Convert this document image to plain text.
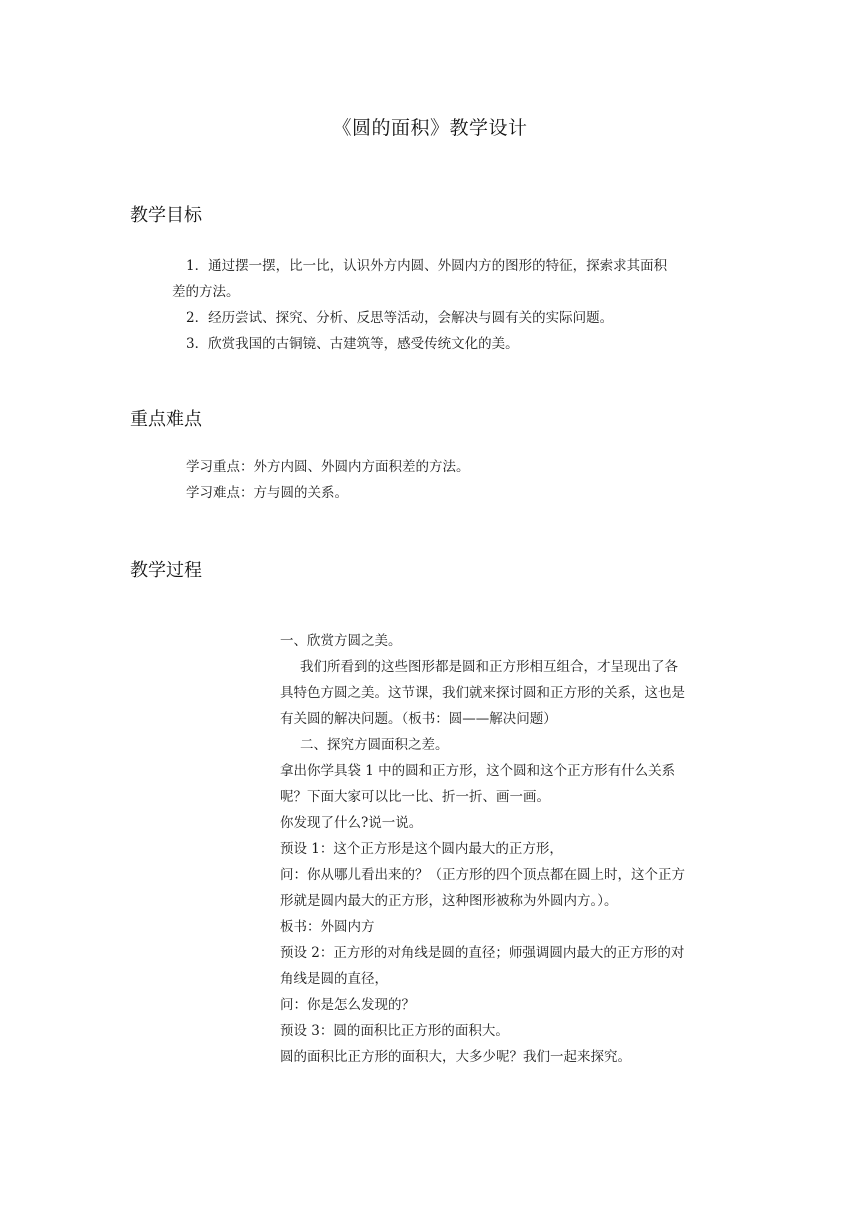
《圆的面积》教学设计
教学目标

1．通过摆一摆，比一比，认识外方内圆、外圆内方的图形的特征，探索求其面积

差的方法。

2．经历尝试、探究、分析、反思等活动，会解决与圆有关的实际问题。

3．欣赏我国的古铜镜、古建筑等，感受传统文化的美。

重点难点

学习重点：外方内圆、外圆内方面积差的方法。

学习难点：方与圆的关系。

教学过程

一、欣赏方圆之美。

我们所看到的这些图形都是圆和正方形相互组合，才呈现出了各

具特色方圆之美。这节课，我们就来探讨圆和正方形的关系，这也是

有关圆的解决问题。（板书：圆——解决问题）

二、探究方圆面积之差。

拿出你学具袋 1 中的圆和正方形，这个圆和这个正方形有什么关系

呢？下面大家可以比一比、折一折、画一画。

你发现了什么?说一说。

预设 1：这个正方形是这个圆内最大的正方形，

问：你从哪儿看出来的？（正方形的四个顶点都在圆上时，这个正方

形就是圆内最大的正方形，这种图形被称为外圆内方。）。

板书：外圆内方

预设 2：正方形的对角线是圆的直径；师强调圆内最大的正方形的对

角线是圆的直径，

问：你是怎么发现的？

预设 3：圆的面积比正方形的面积大。

圆的面积比正方形的面积大，大多少呢？我们一起来探究。
